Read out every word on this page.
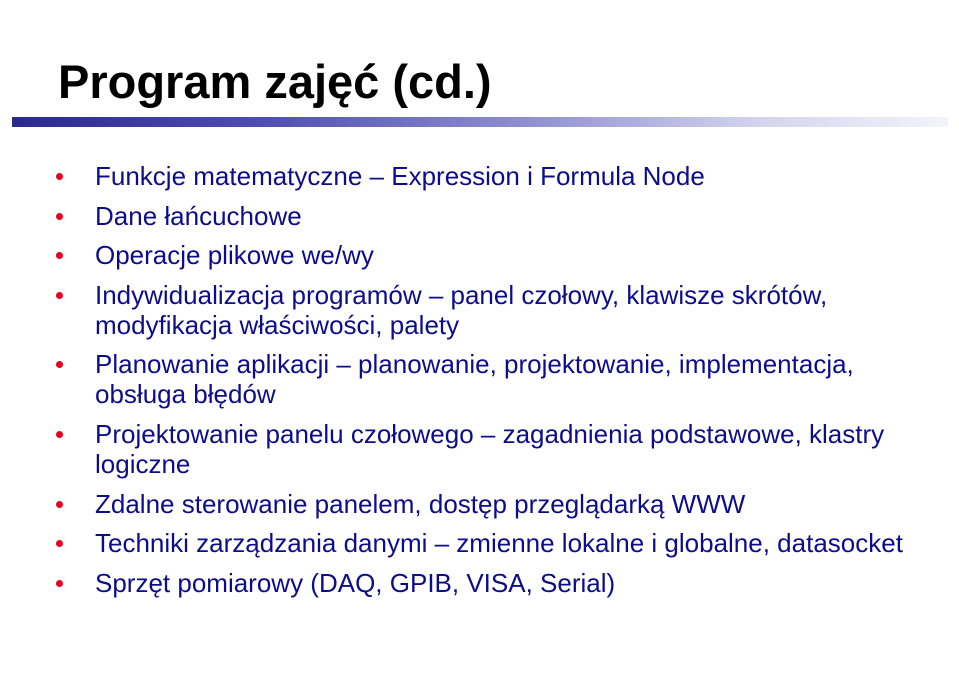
Program zajęć (cd.)
Funkcje matematyczne – Expression i Formula Node
Dane łańcuchowe
Operacje plikowe we/wy
Indywidualizacja programów – panel czołowy, klawisze skrótów, modyfikacja właściwości, palety
Planowanie aplikacji – planowanie, projektowanie, implementacja, obsługa błędów
Projektowanie panelu czołowego – zagadnienia podstawowe, klastry logiczne
Zdalne sterowanie panelem, dostęp przeglądarką WWW
Techniki zarządzania danymi – zmienne lokalne i globalne, datasocket
Sprzęt pomiarowy (DAQ, GPIB, VISA, Serial)
